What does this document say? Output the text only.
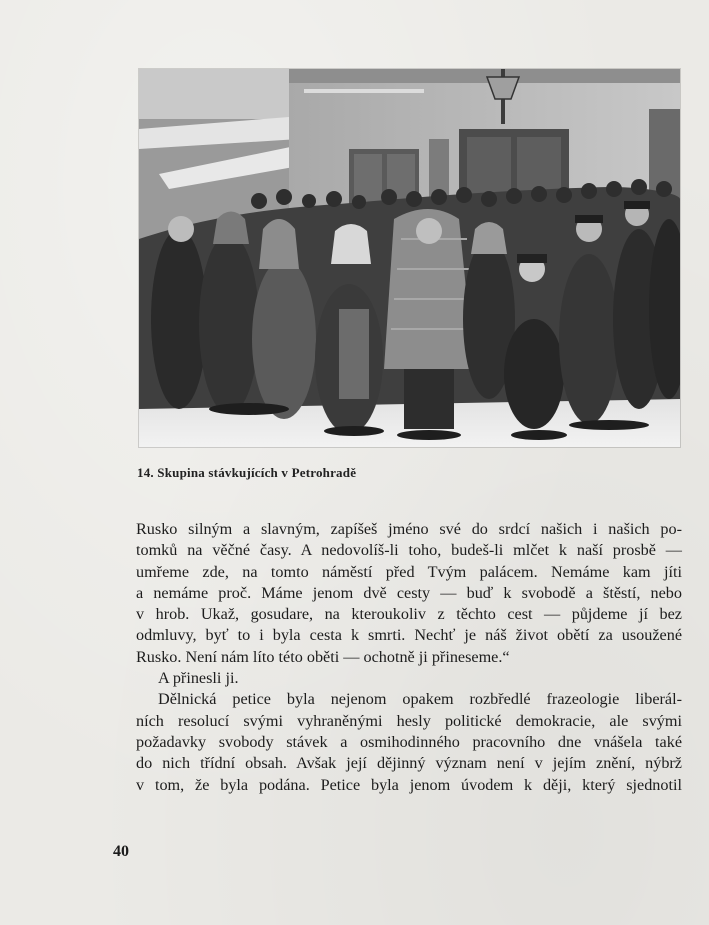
14. Skupina stávkujících v Petrohradě
Rusko silným a slavným, zapíšeš jméno své do srdcí našich i našich po-
tomků na věčné časy. A nedovolíš-li toho, budeš-li mlčet k naší prosbě —
umřeme zde, na tomto náměstí před Tvým palácem. Nemáme kam jíti
a nemáme proč. Máme jenom dvě cesty — buď k svobodě a štěstí, nebo
v hrob. Ukaž, gosudare, na kteroukoliv z těchto cest — půjdeme jí bez
odmluvy, byť to i byla cesta k smrti. Nechť je náš život obětí za usoužené
Rusko. Není nám líto této oběti — ochotně ji přineseme.“
A přinesli ji.
Dělnická petice byla nejenom opakem rozbředlé frazeologie liberál-
ních resolucí svými vyhraněnými hesly politické demokracie, ale svými
požadavky svobody stávek a osmihodinného pracovního dne vnášela také
do nich třídní obsah. Avšak její dějinný význam není v jejím znění, nýbrž
v tom, že byla podána. Petice byla jenom úvodem k ději, který sjednotil
40
